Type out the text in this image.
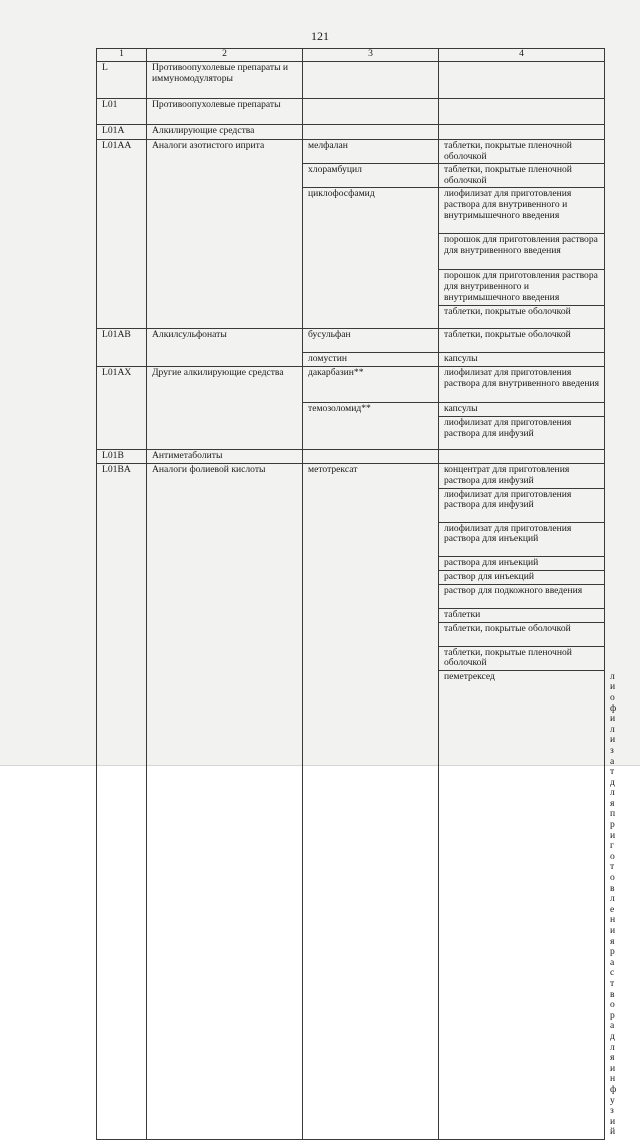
121
1	2	3	4	
L	Противоопухолевые препараты и иммуномодуляторы			
L01	Противоопухолевые препараты			
L01A	Алкилирующие средства			
L01AA	Аналоги азотистого иприта	мелфалан	таблетки, покрытые пленочной оболочкой	
		хлорамбуцил	таблетки, покрытые пленочной оболочкой	
		циклофосфамид	лиофилизат для приготовления раствора для внутривенного и внутримышечного введения	
			порошок для приготовления раствора для внутривенного введения	
			порошок для приготовления раствора для внутривенного и внутримышечного введения	
			таблетки, покрытые оболочкой	
L01AB	Алкилсульфонаты	бусульфан	таблетки, покрытые оболочкой	
		ломустин	капсулы	
L01AX	Другие алкилирующие средства	дакарбазин**	лиофилизат для приготовления раствора для внутривенного введения	
		темозоломид**	капсулы	
			лиофилизат для приготовления раствора для инфузий	
L01B	Антиметаболиты			
L01BA	Аналоги фолиевой кислоты	метотрексат	концентрат для приготовления раствора для инфузий	
			лиофилизат для приготовления раствора для инфузий	
			лиофилизат для приготовления раствора для инъекций	
			раствора для инъекций	
			раствор для инъекций	
			раствор для подкожного введения	
			таблетки	
			таблетки, покрытые оболочкой	
			таблетки, покрытые пленочной оболочкой	
			пеметрексед	т для приготовления раствора для инфузий
